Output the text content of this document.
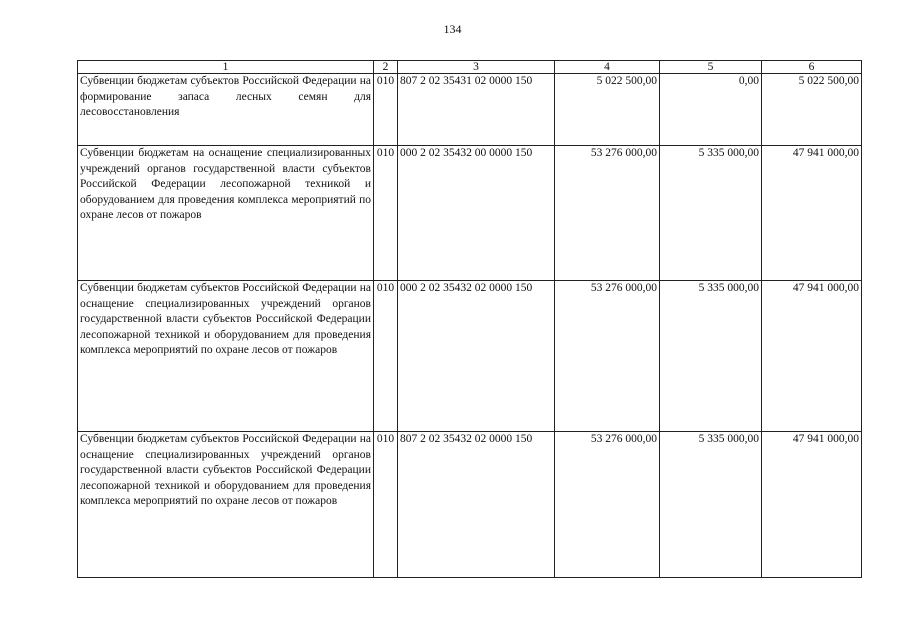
134
1	2	3	4	5	6
Субвенции бюджетам субъектов Российской Федерации на формирование запаса лесных семян для лесовосстановления	010	807 2 02 35431 02 0000 150	5 022 500,00	0,00	5 022 500,00
Субвенции бюджетам на оснащение специализированных учреждений органов государственной власти субъектов Российской Федерации лесопожарной техникой и оборудованием для проведения комплекса мероприятий по охране лесов от пожаров	010	000 2 02 35432 00 0000 150	53 276 000,00	5 335 000,00	47 941 000,00
Субвенции бюджетам субъектов Российской Федерации на оснащение специализированных учреждений органов государственной власти субъектов Российской Федерации лесопожарной техникой и оборудованием для проведения комплекса мероприятий по охране лесов от пожаров	010	000 2 02 35432 02 0000 150	53 276 000,00	5 335 000,00	47 941 000,00
Субвенции бюджетам субъектов Российской Федерации на оснащение специализированных учреждений органов государственной власти субъектов Российской Федерации лесопожарной техникой и оборудованием для проведения комплекса мероприятий по охране лесов от пожаров	010	807 2 02 35432 02 0000 150	53 276 000,00	5 335 000,00	47 941 000,00
